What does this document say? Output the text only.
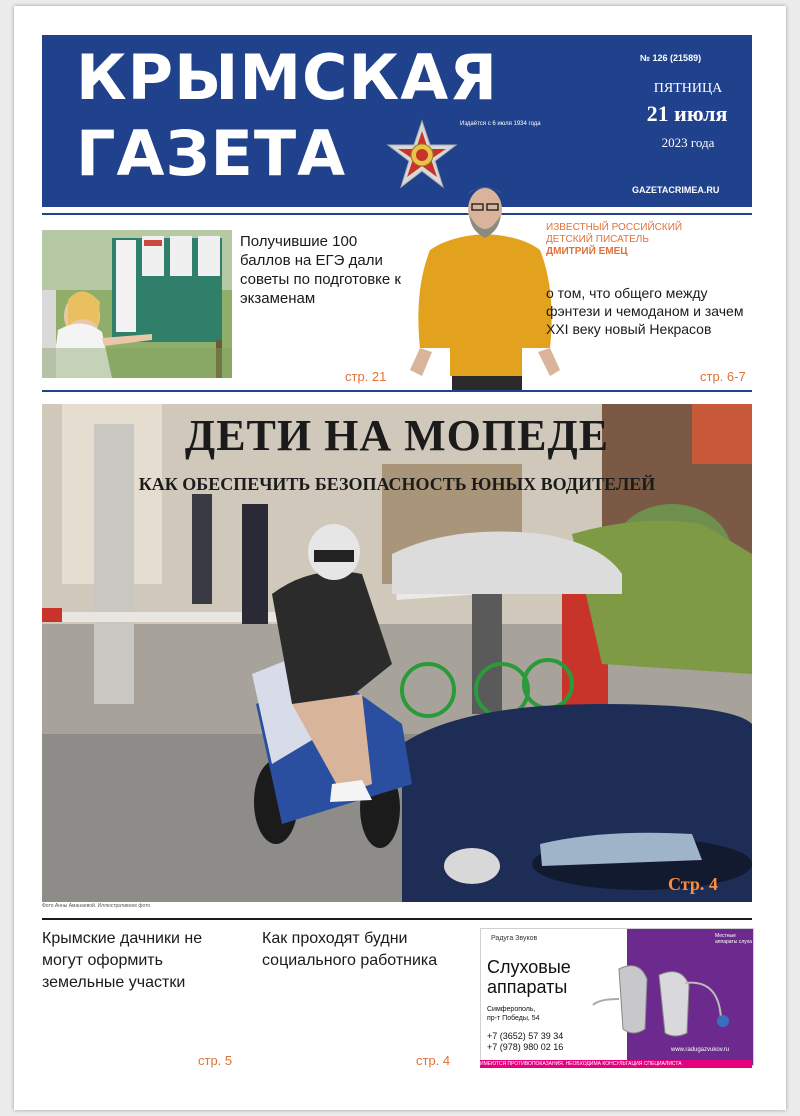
КРЫМСКАЯ
ГАЗЕТА	Издаётся с 6 июля 1934 года
№ 126 (21589)
ПЯТНИЦА
21 июля
2023 года
GAZETACRIMEA.RU
Получившие 100 баллов на ЕГЭ дали советы по подготовке к экзаменам
стр. 21
ИЗВЕСТНЫЙ РОССИЙСКИЙ
ДЕТСКИЙ ПИСАТЕЛЬ
ДМИТРИЙ ЕМЕЦ
о том, что общего между фэнтези и чемоданом и зачем XXI веку новый Некрасов
стр. 6-7
ДЕТИ НА МОПЕДЕ
КАК ОБЕСПЕЧИТЬ БЕЗОПАСНОСТЬ ЮНЫХ ВОДИТЕЛЕЙ
Стр. 4
Фото Анны Аманаевой. Иллюстративное фото
Крымские дачники не могут оформить земельные участки
стр. 5
Как проходят будни социального работника
стр. 4
Радуга Звуков
Слуховые
аппараты
Симферополь,
пр-т Победы, 54
+7 (3652) 57 39 34
+7 (978) 980 02 16	www.radugazvukov.ru
Местные аппараты слуха
ИМЕЮТСЯ ПРОТИВОПОКАЗАНИЯ. НЕОБХОДИМА КОНСУЛЬТАЦИЯ СПЕЦИАЛИСТА
